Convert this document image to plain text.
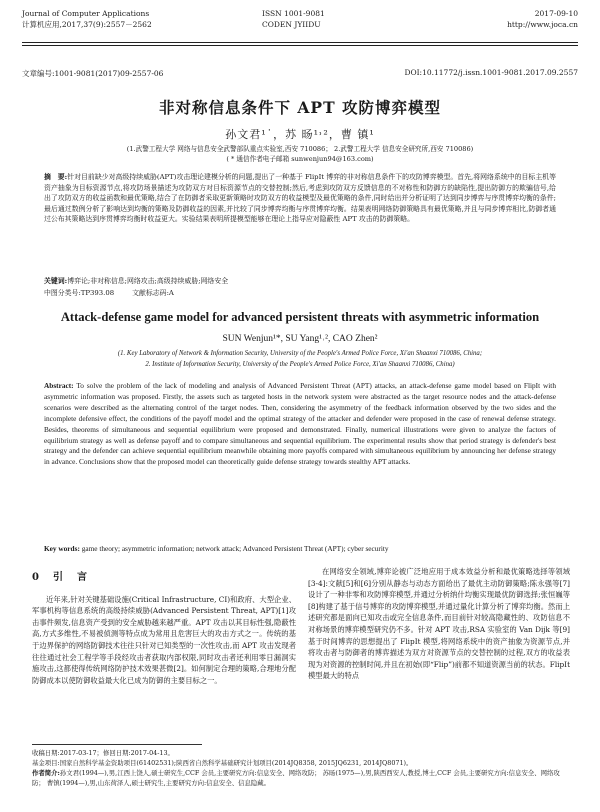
Journal of Computer Applications
计算机应用,2017,37(9):2557－2562
ISSN 1001-9081
CODEN JYIIDU
2017-09-10
http://www.joca.cn
文章编号:1001-9081(2017)09-2557-06	DOI:10.11772/j.issn.1001-9081.2017.09.2557
非对称信息条件下 APT 攻防博弈模型
孙文君¹˙，苏 旸¹˒²，曹 镇¹
(1.武警工程大学 网络与信息安全武警部队重点实验室,西安 710086； 2.武警工程大学 信息安全研究所,西安 710086)
( * 通信作者电子邮箱 sunwenjun94@163.com)
摘　要:针对目前缺少对高级持续威胁(APT)攻击理论建模分析的问题,提出了一种基于 FlipIt 博弈的非对称信息条件下的攻防博弈模型。首先,将网络系统中的目标主机等资产抽象为目标资源节点,将攻防场景描述为攻防双方对目标资源节点的交替控制;然后,考虑到攻防双方反馈信息的不对称性和防御方的缺陷性,提出防御方的欺骗信号,给出了攻防双方的收益函数和最优策略,结合了在防御者采取更新策略时攻防双方的收益模型及最优策略的条件,同时给出并分析证明了达到同步博弈与序贯博弈均衡的条件;最后通过数例分析了影响达到均衡的策略及防御收益的因素,并比较了同步博弈均衡与序贯博弈均衡。结果表明网络防御策略具有最优策略,并且与同步博弈相比,防御者通过公布其策略达到序贯博弈均衡时收益更大。实验结果表明所提模型能够在理论上指导应对隐蔽性 APT 攻击的防御策略。
关键词:博弈论;非对称信息;网络攻击;高级持续威胁;网络安全
中图分类号:TP393.08	文献标志码:A
Attack-defense game model for advanced persistent threats with asymmetric information
SUN Wenjun¹*, SU Yang¹˒², CAO Zhen²
(1. Key Laboratory of Network & Information Security, University of the People's Armed Police Force, Xi'an Shaanxi 710086, China;
2. Institute of Information Security, University of the People's Armed Police Force, Xi'an Shaanxi 710086, China)
Abstract: To solve the problem of the lack of modeling and analysis of Advanced Persistent Threat (APT) attacks, an attack-defense game model based on FlipIt with asymmetric information was proposed. Firstly, the assets such as targeted hosts in the network system were abstracted as the target resource nodes and the attack-defense scenarios were described as the alternating control of the target nodes. Then, considering the asymmetry of the feedback information observed by the two sides and the incomplete defensive effect, the conditions of the payoff model and the optimal strategy of the attacker and defender were proposed in the case of renewal defense strategy. Besides, theorems of simultaneous and sequential equilibrium were proposed and demonstrated. Finally, numerical illustrations were given to analyze the factors of equilibrium strategy as well as defense payoff and to compare simultaneous and sequential equilibrium. The experimental results show that period strategy is defender's best strategy and the defender can achieve sequential equilibrium meanwhile obtaining more payoffs compared with simultaneous equilibrium by announcing her defense strategy in advance. Conclusions show that the proposed model can theoretically guide defense strategy towards stealthy APT attacks.
Key words: game theory; asymmetric information; network attack; Advanced Persistent Threat (APT); cyber security
0　引　言

近年来,针对关键基础设施(Critical Infrastructure, CI)和政府、大型企业、军事机构等信息系统的高级持续威胁(Advanced Persistent Threat, APT)[1]攻击事件频发,信息资产受到的安全威胁越来越严重。APT 攻击以其目标性强,隐蔽性高,方式多维性,不易被侦测等特点成为常用且危害巨大的攻击方式之一。传统的基于边界保护的网络防御技术往往只针对已知类型的一次性攻击,而 APT 攻击发现者往往通过社会工程学等手段经攻击者获取内部权限,同时攻击者还利用零日漏洞实施攻击,这都使得传统网络防护技术效果甚微[2]。如何制定合理的策略,合理地分配防御成本以使防御收益最大化已成为防御的主要目标之一。

在网络安全领域,博弈论被广泛地应用于成本效益分析和最优策略选择等领域[3-4]:文献[5]和[6]分别从静态与动态方面给出了最优主动防御策略;陈永强等[7]设计了一种非零和攻防博弈模型,并通过分析纳什均衡实现最优防御选择;张恒巍等[8]构建了基于信号博弈的攻防博弈模型,并通过量化计算分析了博弈均衡。然而上述研究都是面向已知攻击或完全信息条件,而目前针对较高隐藏性的、攻防信息不对称场景的博弈模型研究仍不多。针对 APT 攻击,RSA 实验室的 Van Dijk 等[9]基于时间博弈的思想提出了 FlipIt 模型,将网络系统中的资产抽象为资源节点,并将攻击者与防御者的博弈描述为双方对资源节点的交替控制的过程,双方的收益表现为对资源的控制时间,并且在初始(即“Flip”)前都不知道资源当前的状态。FlipIt 模型最大的特点

收稿日期:2017-03-17；修回日期:2017-04-13。
基金项目:国家自然科学基金资助项目(61402531);陕西省自然科学基础研究计划项目(2014JQ8358, 2015JQ6231, 2014JQ8071)。
作者简介:孙文君(1994—),男,江西上饶人,硕士研究生,CCF 会员,主要研究方向:信息安全、网络攻防； 苏旸(1975—),男,陕西西安人,教授,博士,CCF 会员,主要研究方向:信息安全、网络攻防； 曹镇(1994—),男,山东荷泽人,硕士研究生,主要研究方向:信息安全、信息隐藏。
